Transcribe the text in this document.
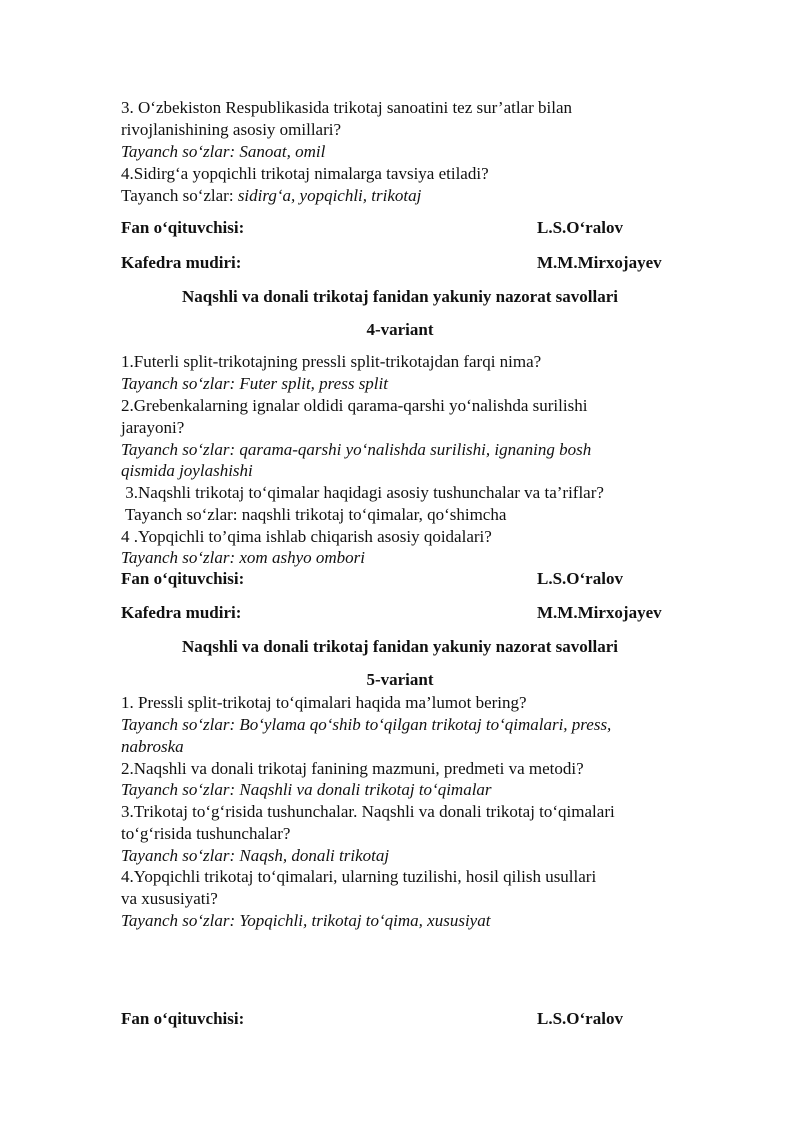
3. O‘zbekiston Respublikasida trikotaj sanoatini tez sur’atlar bilan
rivojlanishining asosiy omillari?
Tayanch so‘zlar: Sanoat, omil
4.Sidirg‘a yopqichli trikotaj nimalarga tavsiya etiladi?
Tayanch so‘zlar: sidirg‘a, yopqichli, trikotaj
Fan o‘qituvchisi:	L.S.O‘ralov
Kafedra mudiri:	M.M.Mirxojayev
Naqshli va donali trikotaj fanidan yakuniy nazorat savollari
4-variant
1.Futerli split-trikotajning pressli split-trikotajdan farqi nima?
Tayanch so‘zlar: Futer split, press split
2.Grebenkalarning ignalar oldidi qarama-qarshi yo‘nalishda surilishi
jarayoni?
Tayanch so‘zlar: qarama-qarshi yo‘nalishda surilishi, ignaning bosh
qismida joylashishi
3.Naqshli trikotaj to‘qimalar haqidagi asosiy tushunchalar va ta’riflar?
Tayanch so‘zlar: naqshli trikotaj to‘qimalar, qo‘shimcha
4 .Yopqichli to’qima ishlab chiqarish asosiy qoidalari?
Tayanch so‘zlar: xom ashyo ombori
Fan o‘qituvchisi:	L.S.O‘ralov
Kafedra mudiri:	M.M.Mirxojayev
Naqshli va donali trikotaj fanidan yakuniy nazorat savollari
5-variant
1. Pressli split-trikotaj to‘qimalari haqida ma’lumot bering?
Tayanch so‘zlar: Bo‘ylama qo‘shib to‘qilgan trikotaj to‘qimalari, press,
nabroska
2.Naqshli va donali trikotaj fanining mazmuni, predmeti va metodi?
Tayanch so‘zlar: Naqshli va donali trikotaj to‘qimalar
3.Trikotaj to‘g‘risida tushunchalar. Naqshli va donali trikotaj to‘qimalari
to‘g‘risida tushunchalar?
Tayanch so‘zlar: Naqsh, donali trikotaj
4.Yopqichli trikotaj to‘qimalari, ularning tuzilishi, hosil qilish usullari
va xususiyati?
Tayanch so‘zlar: Yopqichli, trikotaj to‘qima, xususiyat
Fan o‘qituvchisi:	L.S.O‘ralov
